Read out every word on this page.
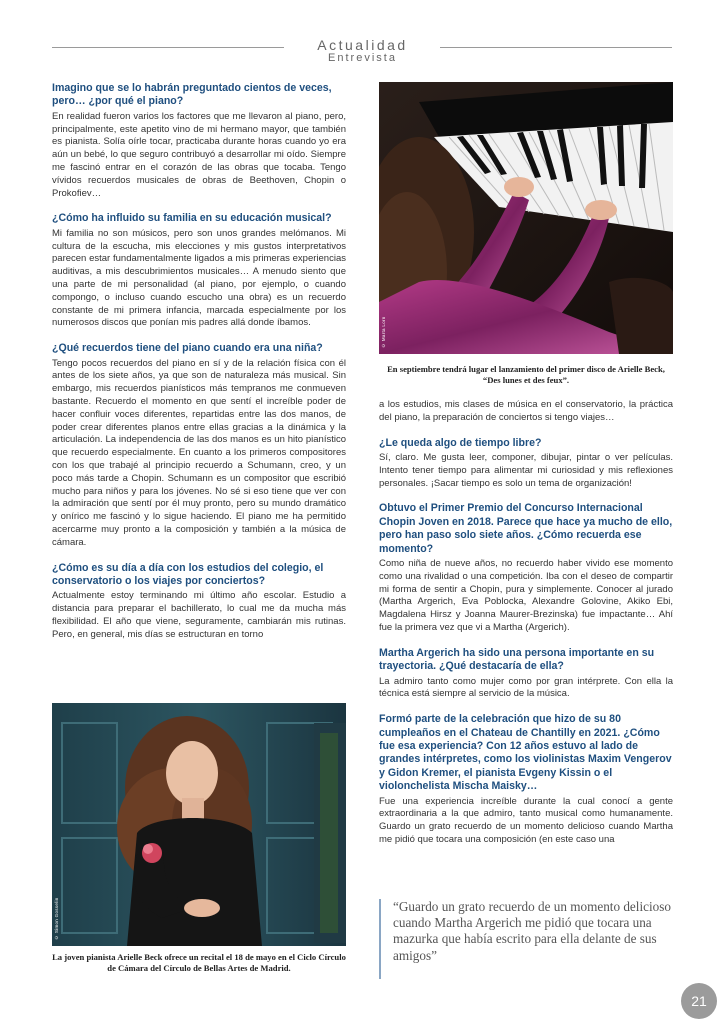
Actualidad
Entrevista
Imagino que se lo habrán preguntado cientos de veces, pero… ¿por qué el piano?
En realidad fueron varios los factores que me llevaron al piano, pero, principalmente, este apetito vino de mi hermano mayor, que también es pianista. Solía oírle tocar, practicaba durante horas cuando yo era aún un bebé, lo que seguro contribuyó a desarrollar mi oído. Siempre me fascinó entrar en el corazón de las obras que tocaba. Tengo vívidos recuerdos musicales de obras de Beethoven, Chopin o Prokofiev…
¿Cómo ha influido su familia en su educación musical?
Mi familia no son músicos, pero son unos grandes melómanos. Mi cultura de la escucha, mis elecciones y mis gustos interpretativos parecen estar fundamentalmente ligados a mis primeras experiencias auditivas, a mis descubrimientos musicales… A menudo siento que una parte de mi personalidad (al piano, por ejemplo, o cuando compongo, o incluso cuando escucho una obra) es un recuerdo constante de mi primera infancia, marcada especialmente por los numerosos discos que ponían mis padres allá donde íbamos.
¿Qué recuerdos tiene del piano cuando era una niña?
Tengo pocos recuerdos del piano en sí y de la relación física con él antes de los siete años, ya que son de naturaleza más musical. Sin embargo, mis recuerdos pianísticos más tempranos me conmueven bastante. Recuerdo el momento en que sentí el increíble poder de hacer confluir voces diferentes, repartidas entre las dos manos, de poder crear diferentes planos entre ellas gracias a la dinámica y la articulación. La independencia de las dos manos es un hito pianístico que recuerdo especialmente. En cuanto a los primeros compositores con los que trabajé al principio recuerdo a Schumann, creo, y un poco más tarde a Chopin. Schumann es un compositor que escribió mucho para niños y para los jóvenes. No sé si eso tiene que ver con la admiración que sentí por él muy pronto, pero su mundo dramático y onírico me fascinó y lo sigue haciendo. El piano me ha permitido acercarme muy pronto a la composición y también a la música de cámara.
¿Cómo es su día a día con los estudios del colegio, el conservatorio o los viajes por conciertos?
Actualmente estoy terminando mi último año escolar. Estudio a distancia para preparar el bachillerato, lo cual me da mucha más flexibilidad. El año que viene, seguramente, cambiarán mis rutinas. Pero, en general, mis días se estructuran en torno
© Marta Lorn
En septiembre tendrá lugar el lanzamiento del primer disco de Arielle Beck, “Des lunes et des feux”.
a los estudios, mis clases de música en el conservatorio, la práctica del piano, la preparación de conciertos si tengo viajes…
¿Le queda algo de tiempo libre?
Sí, claro. Me gusta leer, componer, dibujar, pintar o ver películas. Intento tener tiempo para alimentar mi curiosidad y mis reflexiones personales. ¡Sacar tiempo es solo un tema de organización!
Obtuvo el Primer Premio del Concurso Internacional Chopin Joven en 2018. Parece que hace ya mucho de ello, pero han paso solo siete años. ¿Cómo recuerda ese momento?
Como niña de nueve años, no recuerdo haber vivido ese momento como una rivalidad o una competición. Iba con el deseo de compartir mi forma de sentir a Chopin, pura y simplemente. Conocer al jurado (Martha Argerich, Eva Poblocka, Alexandre Golovine, Akiko Ebi, Magdalena Hirsz y Joanna Maurer-Brezinska) fue impactante… Ahí fue la primera vez que vi a Martha (Argerich).
Martha Argerich ha sido una persona importante en su trayectoria. ¿Qué destacaría de ella?
La admiro tanto como mujer como por gran intérprete. Con ella la técnica está siempre al servicio de la música.
Formó parte de la celebración que hizo de su 80 cumpleaños en el Chateau de Chantilly en 2021. ¿Cómo fue esa experiencia? Con 12 años estuvo al lado de grandes intérpretes, como los violinistas Maxim Vengerov y Gidon Kremer, el pianista Evgeny Kissin o el violonchelista Mischa Maisky…
Fue una experiencia increíble durante la cual conocí a gente extraordinaria a la que admiro, tanto musical como humanamente. Guardo un grato recuerdo de un momento delicioso cuando Martha me pidió que tocara una composición (en este caso una
© Simon Gosselin
La joven pianista Arielle Beck ofrece un recital el 18 de mayo en el Ciclo Círculo de Cámara del Círculo de Bellas Artes de Madrid.
“Guardo un grato recuerdo de un momento delicioso cuando Martha Argerich me pidió que tocara una mazurka que había escrito para ella delante de sus amigos”
21
